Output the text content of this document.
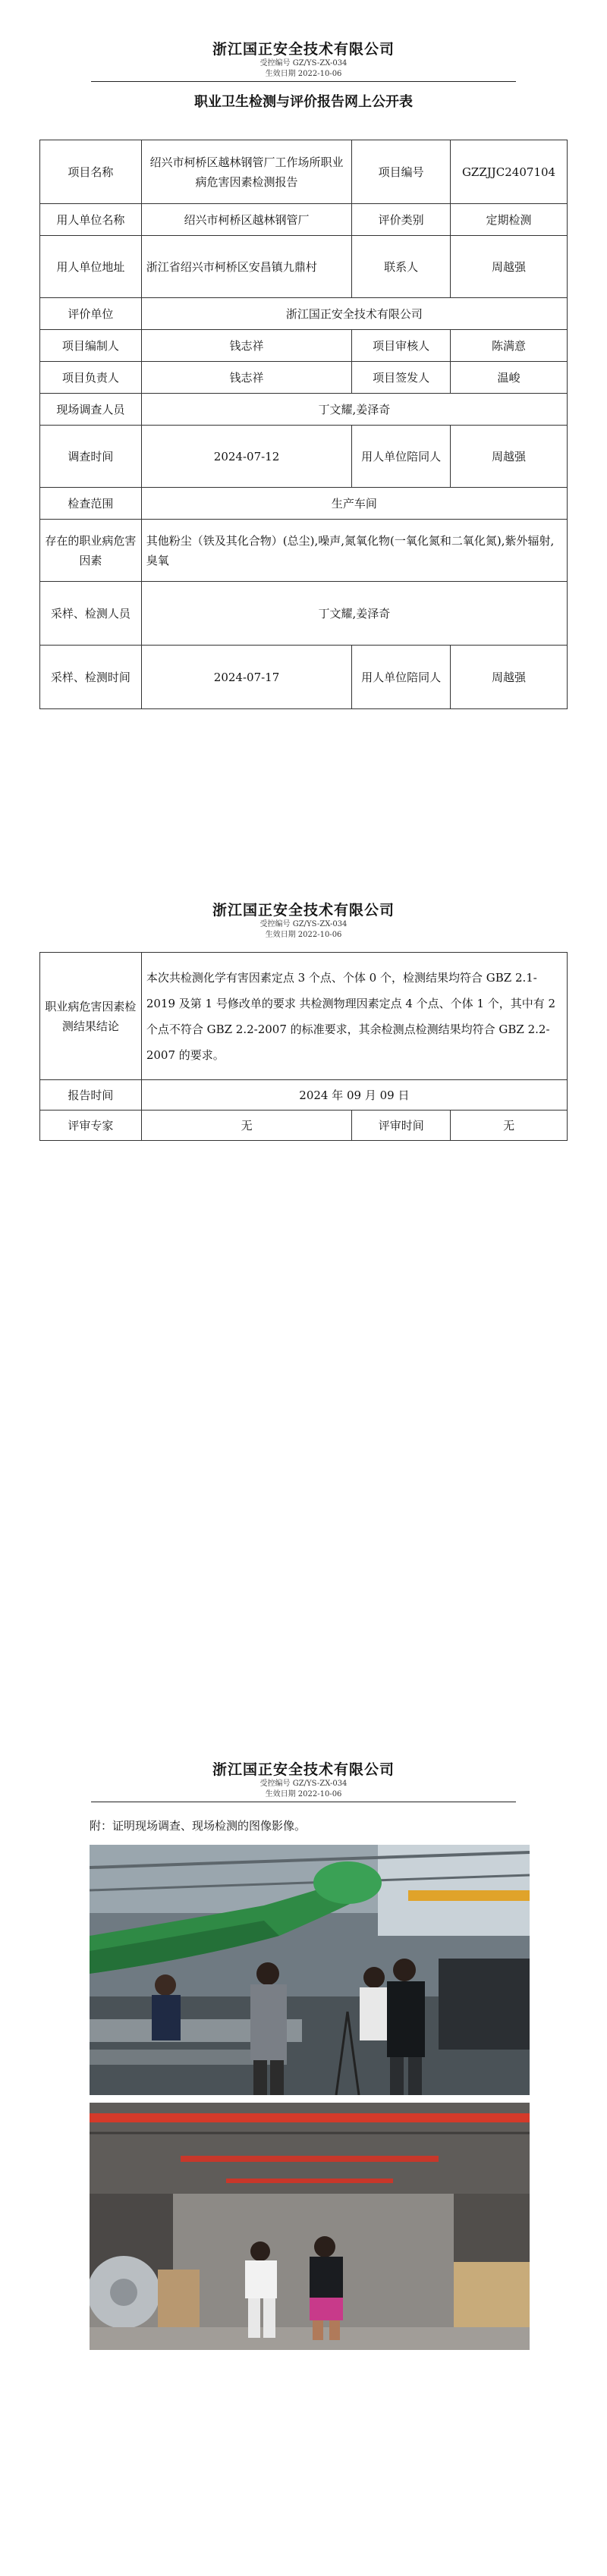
浙江国正安全技术有限公司
受控编号 GZ/YS-ZX-034
生效日期 2022-10-06
职业卫生检测与评价报告网上公开表
项目名称	绍兴市柯桥区越林钢管厂工作场所职业病危害因素检测报告	项目编号	GZZJJC2407104
用人单位名称	绍兴市柯桥区越林钢管厂	评价类别	定期检测
用人单位地址	浙江省绍兴市柯桥区安昌镇九鼎村	联系人	周越强
评价单位	浙江国正安全技术有限公司		
项目编制人	钱志祥	项目审核人	陈满意
项目负责人	钱志祥	项目签发人	温峻
现场调查人员	丁文耀,姜泽奇		
调查时间	2024-07-12	用人单位陪同人	周越强
检查范围	生产车间		
存在的职业病危害因素	其他粉尘（铁及其化合物）(总尘),噪声,氮氧化物(一氧化氮和二氧化氮),紫外辐射,臭氧		
采样、检测人员	丁文耀,姜泽奇		
采样、检测时间	2024-07-17	用人单位陪同人	周越强
浙江国正安全技术有限公司
受控编号 GZ/YS-ZX-034
生效日期 2022-10-06
职业病危害因素检测结果结论	本次共检测化学有害因素定点 3 个点、个体 0 个，检测结果均符合 GBZ 2.1-2019 及第 1 号修改单的要求 共检测物理因素定点 4 个点、个体 1 个，其中有 2 个点不符合 GBZ 2.2-2007 的标准要求，其余检测点检测结果均符合 GBZ 2.2-2007 的要求。		
报告时间	2024 年 09 月 09 日		
评审专家	无	评审时间	无
浙江国正安全技术有限公司
受控编号 GZ/YS-ZX-034
生效日期 2022-10-06
附：证明现场调查、现场检测的图像影像。
